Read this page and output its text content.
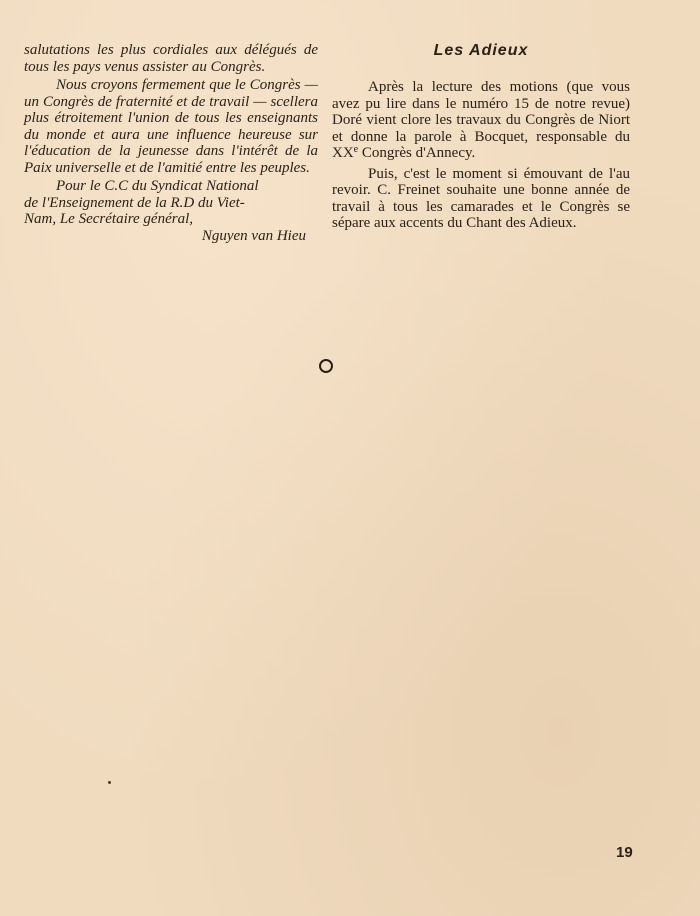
salutations les plus cordiales aux délégués de tous les pays venus assister au Congrès.

Nous croyons fermement que le Congrès — un Congrès de fraternité et de travail — scellera plus étroitement l'union de tous les enseignants du monde et aura une influence heureuse sur l'éducation de la jeunesse dans l'intérêt de la Paix universelle et de l'amitié entre les peuples.

Pour le C.C du Syndicat National
de l'Enseignement de la R.D du Viet-
Nam, Le Secrétaire général,
Nguyen van Hieu
Les Adieux

Après la lecture des motions (que vous avez pu lire dans le numéro 15 de notre revue) Doré vient clore les travaux du Congrès de Niort et donne la parole à Bocquet, responsable du XXe Congrès d'Annecy.

Puis, c'est le moment si émouvant de l'au revoir. C. Freinet souhaite une bonne année de travail à tous les camarades et le Congrès se sépare aux accents du Chant des Adieux.

19
